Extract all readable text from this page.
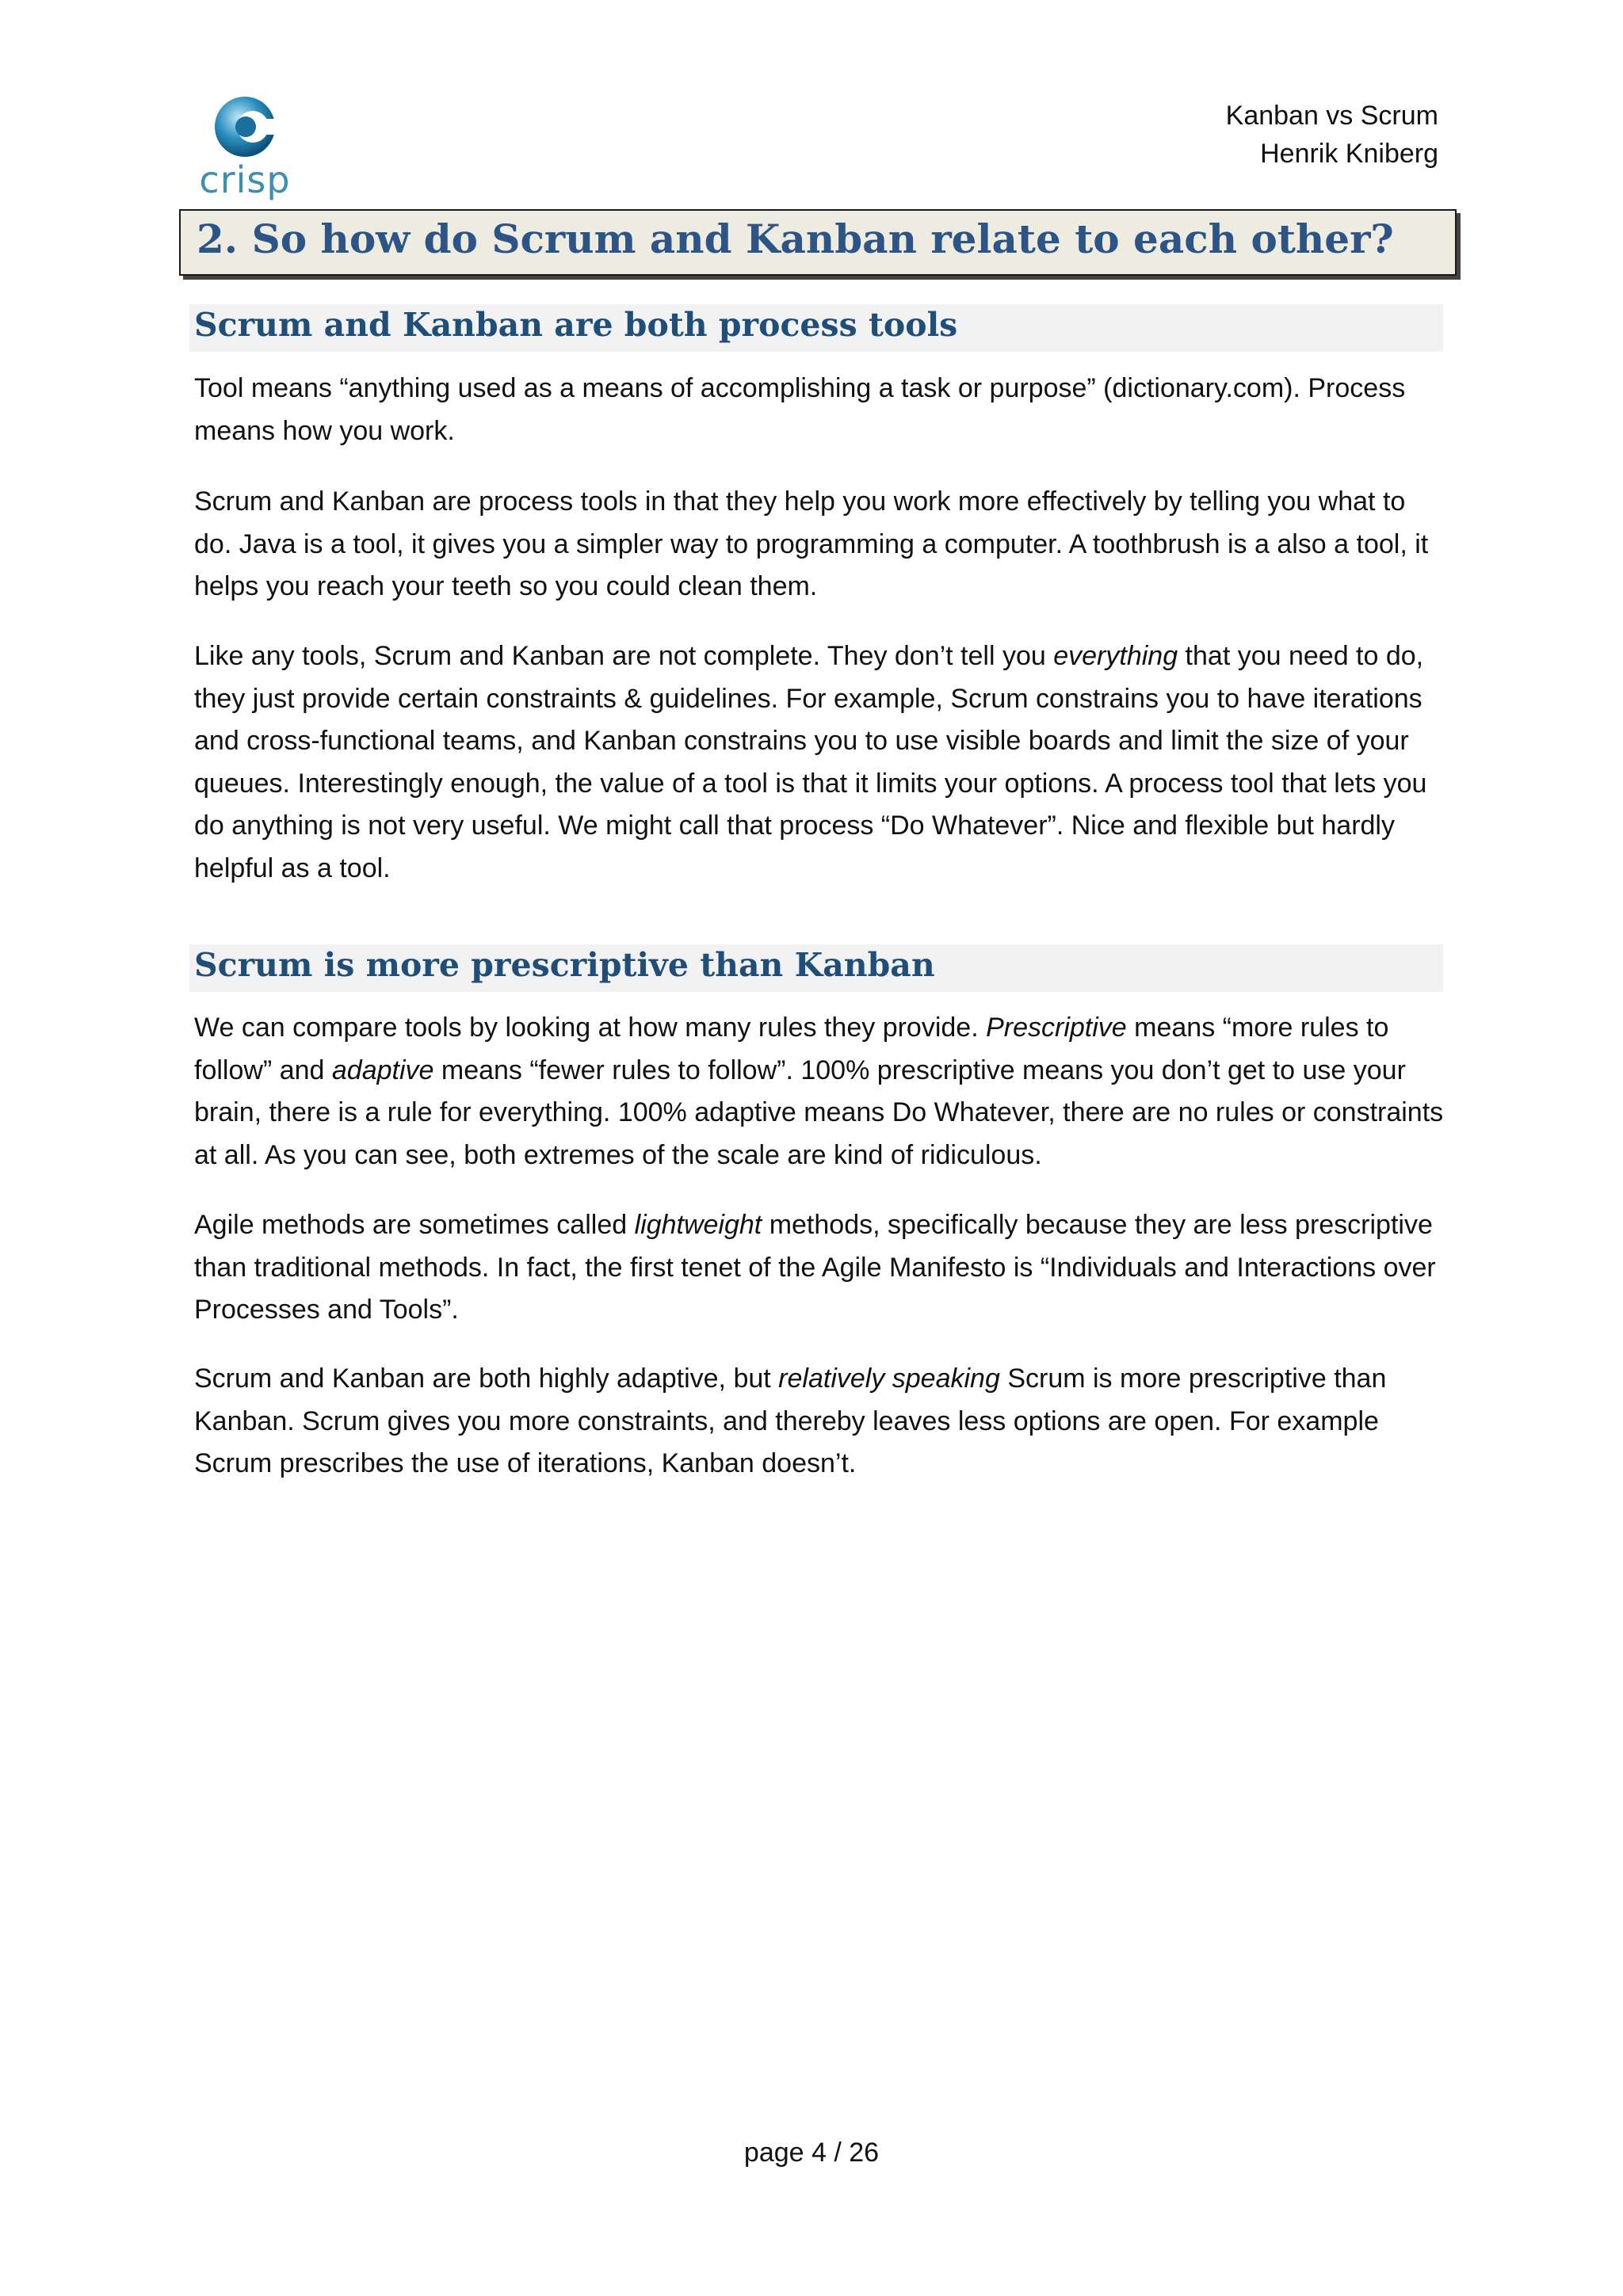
crisp
Kanban vs Scrum
Henrik Kniberg
2. So how do Scrum and Kanban relate to each other?
Scrum and Kanban are both process tools

Tool means “anything used as a means of accomplishing a task or purpose” (dictionary.com). Process means how you work.

Scrum and Kanban are process tools in that they help you work more effectively by telling you what to do. Java is a tool, it gives you a simpler way to programming a computer. A toothbrush is a also a tool, it helps you reach your teeth so you could clean them.

Like any tools, Scrum and Kanban are not complete. They don’t tell you everything that you need to do, they just provide certain constraints & guidelines. For example, Scrum constrains you to have iterations and cross-functional teams, and Kanban constrains you to use visible boards and limit the size of your queues. Interestingly enough, the value of a tool is that it limits your options. A process tool that lets you do anything is not very useful. We might call that process “Do Whatever”. Nice and flexible but hardly helpful as a tool.

Scrum is more prescriptive than Kanban

We can compare tools by looking at how many rules they provide. Prescriptive means “more rules to follow” and adaptive means “fewer rules to follow”. 100% prescriptive means you don’t get to use your brain, there is a rule for everything. 100% adaptive means Do Whatever, there are no rules or constraints at all. As you can see, both extremes of the scale are kind of ridiculous.

Agile methods are sometimes called lightweight methods, specifically because they are less prescriptive than traditional methods. In fact, the first tenet of the Agile Manifesto is “Individuals and Interactions over Processes and Tools”.

Scrum and Kanban are both highly adaptive, but relatively speaking Scrum is more prescriptive than Kanban. Scrum gives you more constraints, and thereby leaves less options are open. For example Scrum prescribes the use of iterations, Kanban doesn’t.

page 4 / 26
